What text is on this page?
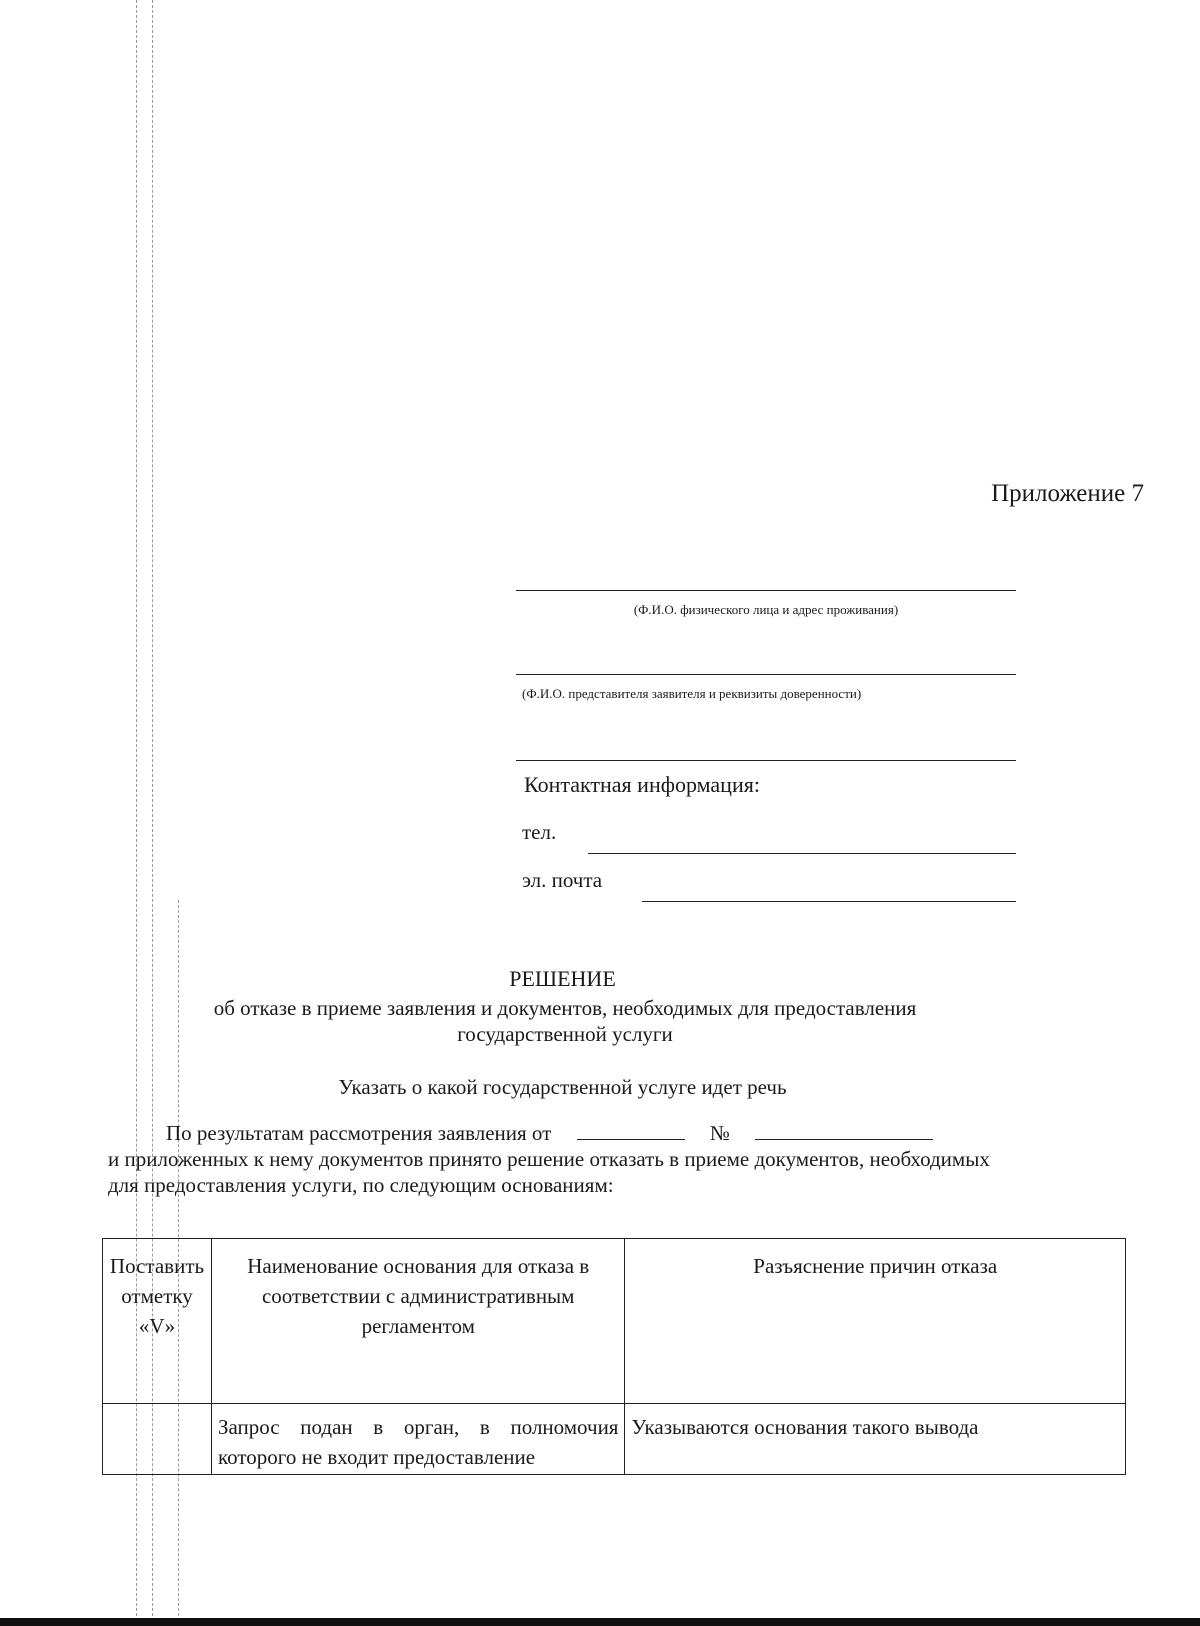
Приложение 7
(Ф.И.О. физического лица и адрес проживания)
(Ф.И.О. представителя заявителя и реквизиты доверенности)
Контактная информация:
тел.
эл. почта
РЕШЕНИЕ
об отказе в приеме заявления и документов, необходимых для предоставления государственной услуги
Указать о какой государственной услуге идет речь
По результатам рассмотрения заявления от	№
и приложенных к нему документов принято решение отказать в приеме документов, необходимых для предоставления услуги, по следующим основаниям:
Поставить отметку «V»	Наименование основания для отказа в соответствии с административным регламентом	Разъяснение причин отказа
	Запрос подан в орган, в полномочия которого не входит предоставление	Указываются основания такого вывода
